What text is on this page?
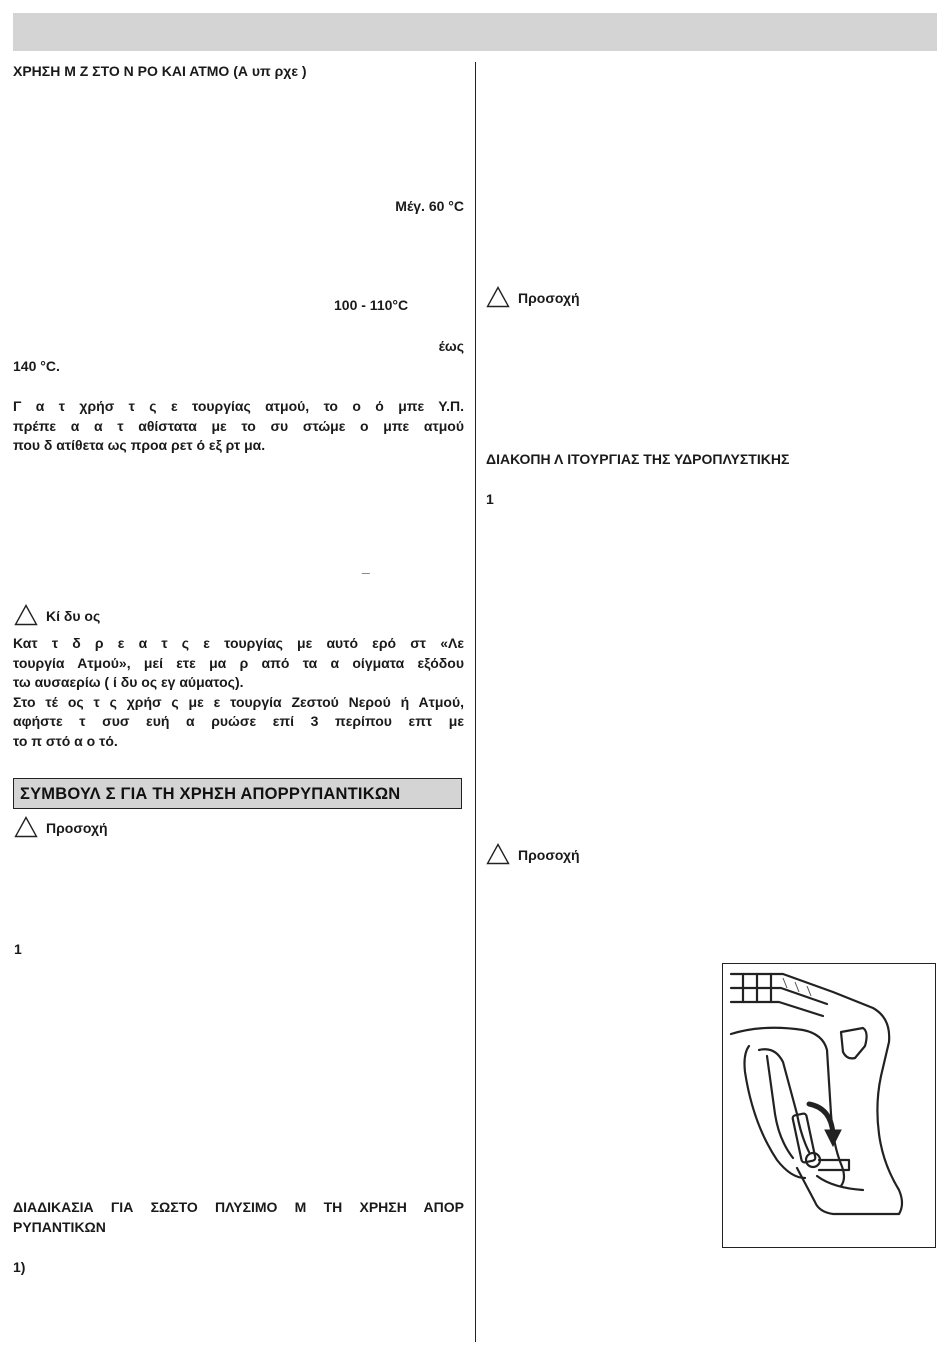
ΧΡΗΣΗ Μ Ζ ΣΤΟ Ν ΡΟ ΚΑΙ ΑΤΜΟ (Α υπ ρχε )
Μέγ. 60 °C
100 - 110°C
έως
140 °C.
Γ α τ χρήσ τ ς ε τουργίας ατμού, το ο ό μπε Υ.Π.
πρέπε α α τ αθίστατα με το συ στώμε ο μπε ατμού
που δ ατίθετα ως προα ρετ ό εξ ρτ μα.
_
Κί δυ ος
Κατ τ δ ρ ε α τ ς ε τουργίας με αυτό ερό στ «Λε
τουργία Ατμού», μεί ετε μα ρ από τα α οίγματα εξόδου
τω αυσαερίω ( ί δυ ος εγ αύματος).
Στο τέ ος τ ς χρήσ ς με ε τουργία Ζεστού Νερού ή Ατμού,
αφήστε τ συσ ευή α ρυώσε επί 3 περίπου επτ με
το π στό α ο τό.
ΣΥΜΒΟΥΛ Σ ΓΙΑ ΤΗ ΧΡΗΣΗ ΑΠΟΡΡΥΠΑΝΤΙΚΩΝ
Προσοχή
1
ΔΙΑΔΙΚΑΣΙΑ ΓΙΑ ΣΩΣΤΟ ΠΛΥΣΙΜΟ Μ ΤΗ ΧΡΗΣΗ ΑΠΟΡ
ΡΥΠΑΝΤΙΚΩΝ
1)
Προσοχή
ΔΙΑΚΟΠΗ Λ ΙΤΟΥΡΓΙΑΣ ΤΗΣ ΥΔΡΟΠΛΥΣΤΙΚΗΣ
1
Προσοχή
